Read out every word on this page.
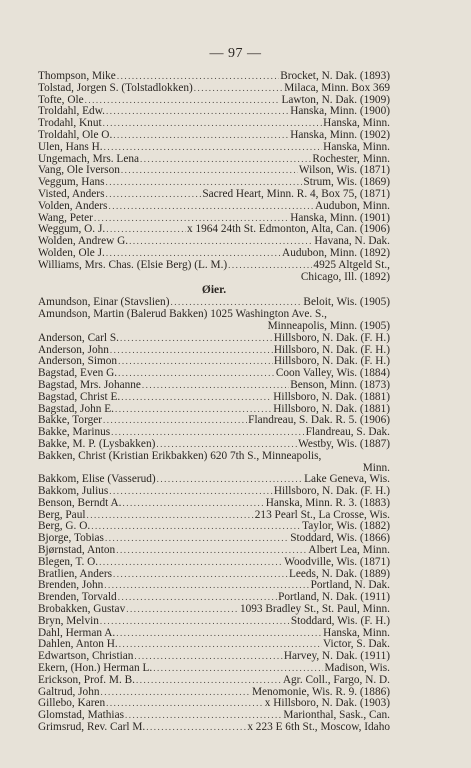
— 97 —
Thompson, Mike .....	Brocket, N. Dak. (1893)
Tolstad, Jorgen S. (Tolstadlokken) .....	Milaca, Minn. Box 369
Tofte, Ole .....	Lawton, N. Dak. (1909)
Troldahl, Edw. .....	Hanska, Minn. (1900)
Trodahl, Knut .....	Hanska, Minn.
Troldahl, Ole O. .....	Hanska, Minn. (1902)
Ulen, Hans H. .....	Hanska, Minn.
Ungemach, Mrs. Lena .....	Rochester, Minn.
Vang, Ole Iverson .....	Wilson, Wis. (1871)
Veggum, Hans .....	Strum, Wis. (1869)
Visted, Anders .....	Sacred Heart, Minn. R. 4, Box 75, (1871)
Volden, Anders .....	Audubon, Minn.
Wang, Peter .....	Hanska, Minn. (1901)
Weggum, O. J. .....	x 1964 24th St. Edmonton, Alta, Can. (1906)
Wolden, Andrew G. .....	Havana, N. Dak.
Wolden, Ole J. .....	Audubon, Minn. (1892)
Williams, Mrs. Chas. (Elsie Berg) (L. M.) .....	4925 Altgeld St.,
Chicago, Ill. (1892)
Øier.
Amundson, Einar (Stavslien) .....	Beloit, Wis. (1905)
Amundson, Martin (Balerud Bakken) 1025 Washington Ave. S.,
Minneapolis, Minn. (1905)
Anderson, Carl S. .....	Hillsboro, N. Dak. (F. H.)
Anderson, John .....	Hillsboro, N. Dak. (F. H.)
Anderson, Simon .....	Hillsboro, N. Dak. (F. H.)
Bagstad, Even G. .....	Coon Valley, Wis. (1884)
Bagstad, Mrs. Johanne .....	Benson, Minn. (1873)
Bagstad, Christ E. .....	Hillsboro, N. Dak. (1881)
Bagstad, John E. .....	Hillsboro, N. Dak. (1881)
Bakke, Torger .....	Flandreau, S. Dak. R. 5. (1906)
Bakke, Marinus .....	Flandreau, S. Dak.
Bakke, M. P. (Lysbakken) .....	Westby, Wis. (1887)
Bakken, Christ (Kristian Erikbakken) 620 7th S., Minneapolis,
Minn.
Bakkom, Elise (Vasserud) .....	Lake Geneva, Wis.
Bakkom, Julius .....	Hillsboro, N. Dak. (F. H.)
Benson, Berndt A. .....	Hanska, Minn. R. 3. (1883)
Berg, Paul .....	213 Pearl St., La Crosse, Wis.
Berg, G. O. .....	Taylor, Wis. (1882)
Bjorge, Tobias .....	Stoddard, Wis. (1866)
Bjørnstad, Anton .....	Albert Lea, Minn.
Blegen, T. O. .....	Woodville, Wis. (1871)
Bratlien, Anders .....	Leeds, N. Dak. (1889)
Brenden, John .....	Portland, N. Dak.
Brenden, Torvald .....	Portland, N. Dak. (1911)
Brobakken, Gustav .....	1093 Bradley St., St. Paul, Minn.
Bryn, Melvin .....	Stoddard, Wis. (F. H.)
Dahl, Herman A. .....	Hanska, Minn.
Dahlen, Anton H. .....	Victor, S. Dak.
Edwartson, Christian .....	Harvey, N. Dak. (1911)
Ekern, (Hon.) Herman L. .....	Madison, Wis.
Erickson, Prof. M. B. .....	Agr. Coll., Fargo, N. D.
Galtrud, John .....	Menomonie, Wis. R. 9. (1886)
Gillebo, Karen .....	x Hillsboro, N. Dak. (1903)
Glomstad, Mathias .....	Marionthal, Sask., Can.
Grimsrud, Rev. Carl M. .....	x 223 E 6th St., Moscow, Idaho
